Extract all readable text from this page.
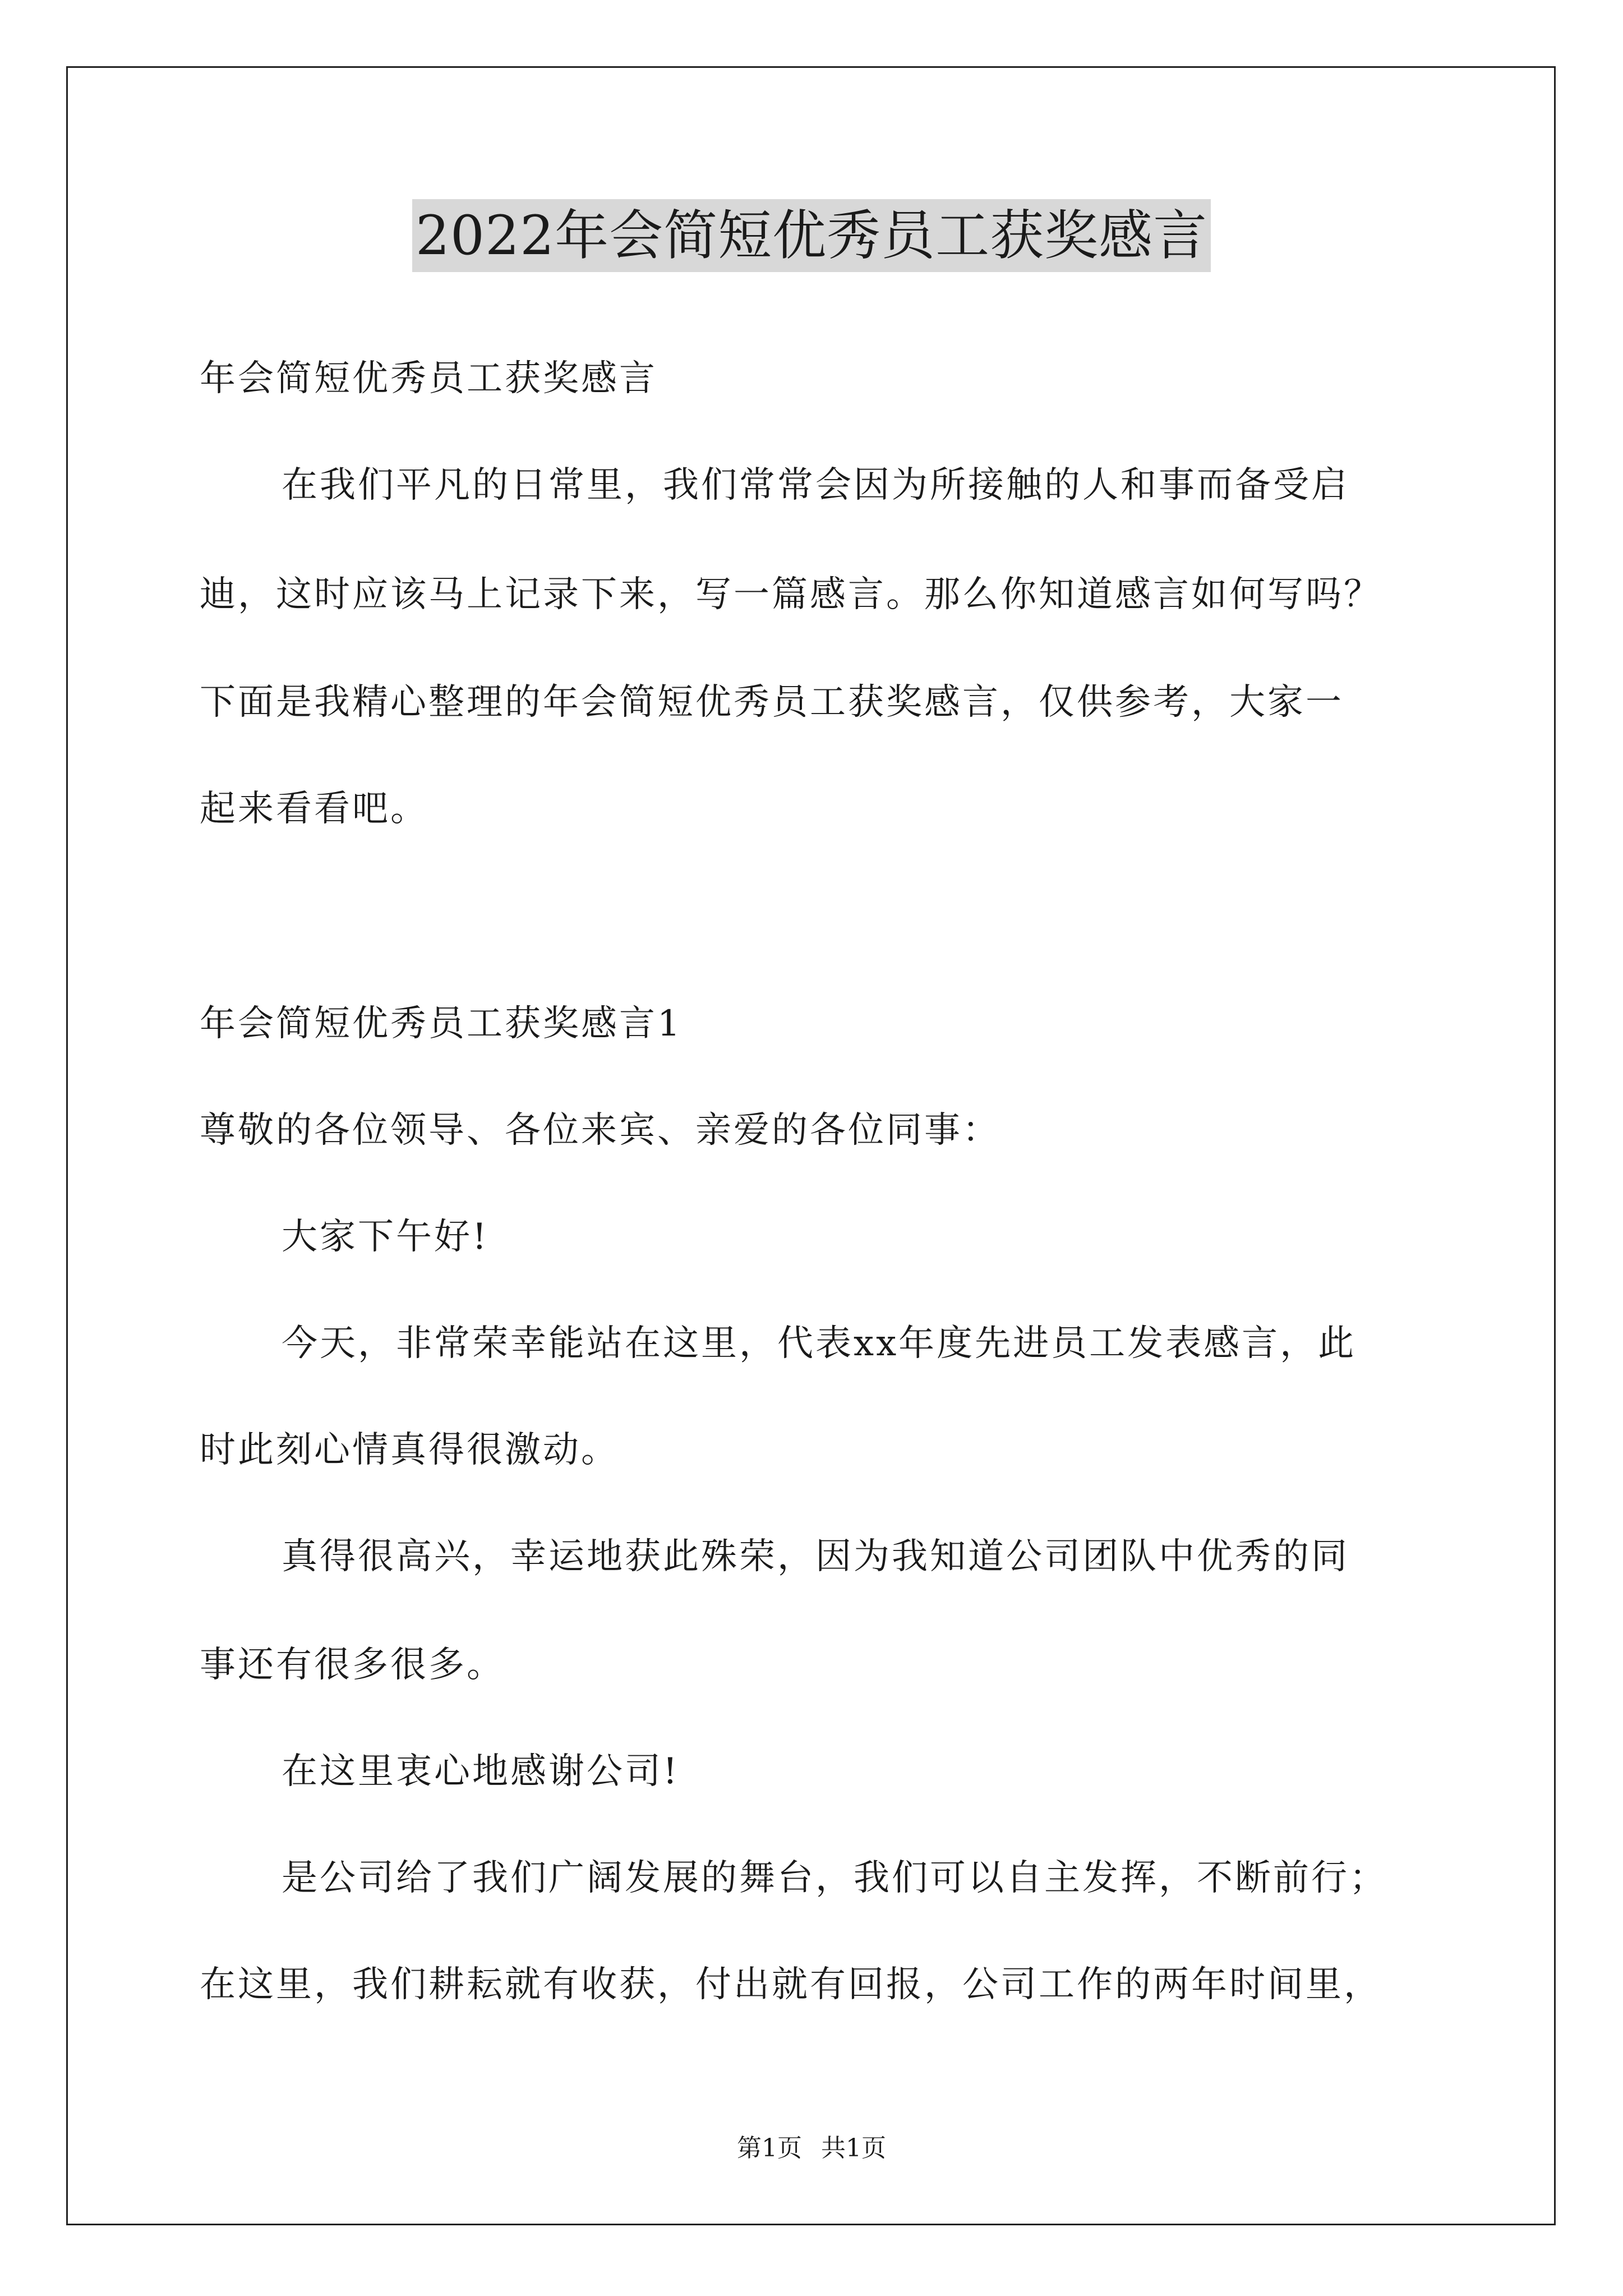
2022年会简短优秀员工获奖感言
年会简短优秀员工获奖感言
在我们平凡的日常里，我们常常会因为所接触的人和事而备受启
迪，这时应该马上记录下来，写一篇感言。那么你知道感言如何写吗？
下面是我精心整理的年会简短优秀员工获奖感言，仅供参考，大家一
起来看看吧。
年会简短优秀员工获奖感言1
尊敬的各位领导、各位来宾、亲爱的各位同事：
大家下午好!
今天，非常荣幸能站在这里，代表xx年度先进员工发表感言，此
时此刻心情真得很激动。
真得很高兴，幸运地获此殊荣，因为我知道公司团队中优秀的同
事还有很多很多。
在这里衷心地感谢公司!
是公司给了我们广阔发展的舞台，我们可以自主发挥，不断前行；
在这里，我们耕耘就有收获，付出就有回报，公司工作的两年时间里，
第1页 共1页
